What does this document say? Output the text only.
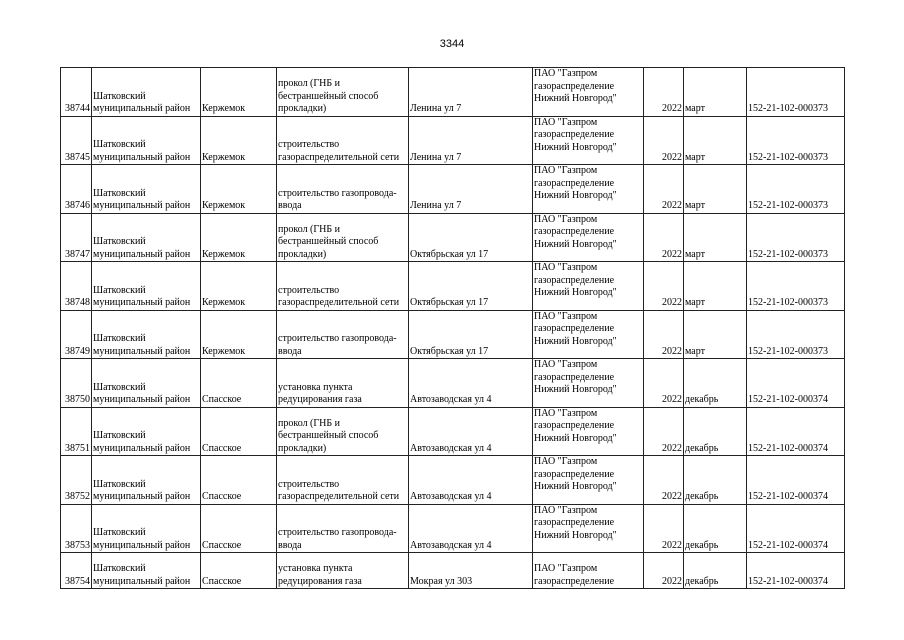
3344
38744	Шатковский
муниципальный район	Кержемок	прокол (ГНБ и
бестраншейный способ
прокладки)	Ленина ул 7	ПАО "Газпром
газораспределение
Нижний Новгород"	2022	март	152-21-102-000373
38745	Шатковский
муниципальный район	Кержемок	строительство
газораспределительной сети	Ленина ул 7	ПАО "Газпром
газораспределение
Нижний Новгород"	2022	март	152-21-102-000373
38746	Шатковский
муниципальный район	Кержемок	строительство газопровода-
ввода	Ленина ул 7	ПАО "Газпром
газораспределение
Нижний Новгород"	2022	март	152-21-102-000373
38747	Шатковский
муниципальный район	Кержемок	прокол (ГНБ и
бестраншейный способ
прокладки)	Октябрьская ул 17	ПАО "Газпром
газораспределение
Нижний Новгород"	2022	март	152-21-102-000373
38748	Шатковский
муниципальный район	Кержемок	строительство
газораспределительной сети	Октябрьская ул 17	ПАО "Газпром
газораспределение
Нижний Новгород"	2022	март	152-21-102-000373
38749	Шатковский
муниципальный район	Кержемок	строительство газопровода-
ввода	Октябрьская ул 17	ПАО "Газпром
газораспределение
Нижний Новгород"	2022	март	152-21-102-000373
38750	Шатковский
муниципальный район	Спасское	установка пункта
редуцирования газа	Автозаводская ул 4	ПАО "Газпром
газораспределение
Нижний Новгород"	2022	декабрь	152-21-102-000374
38751	Шатковский
муниципальный район	Спасское	прокол (ГНБ и
бестраншейный способ
прокладки)	Автозаводская ул 4	ПАО "Газпром
газораспределение
Нижний Новгород"	2022	декабрь	152-21-102-000374
38752	Шатковский
муниципальный район	Спасское	строительство
газораспределительной сети	Автозаводская ул 4	ПАО "Газпром
газораспределение
Нижний Новгород"	2022	декабрь	152-21-102-000374
38753	Шатковский
муниципальный район	Спасское	строительство газопровода-
ввода	Автозаводская ул 4	ПАО "Газпром
газораспределение
Нижний Новгород"	2022	декабрь	152-21-102-000374
38754	Шатковский
муниципальный район	Спасское	установка пункта
редуцирования газа	Мокрая ул 303	ПАО "Газпром
газораспределение	2022	декабрь	152-21-102-000374
